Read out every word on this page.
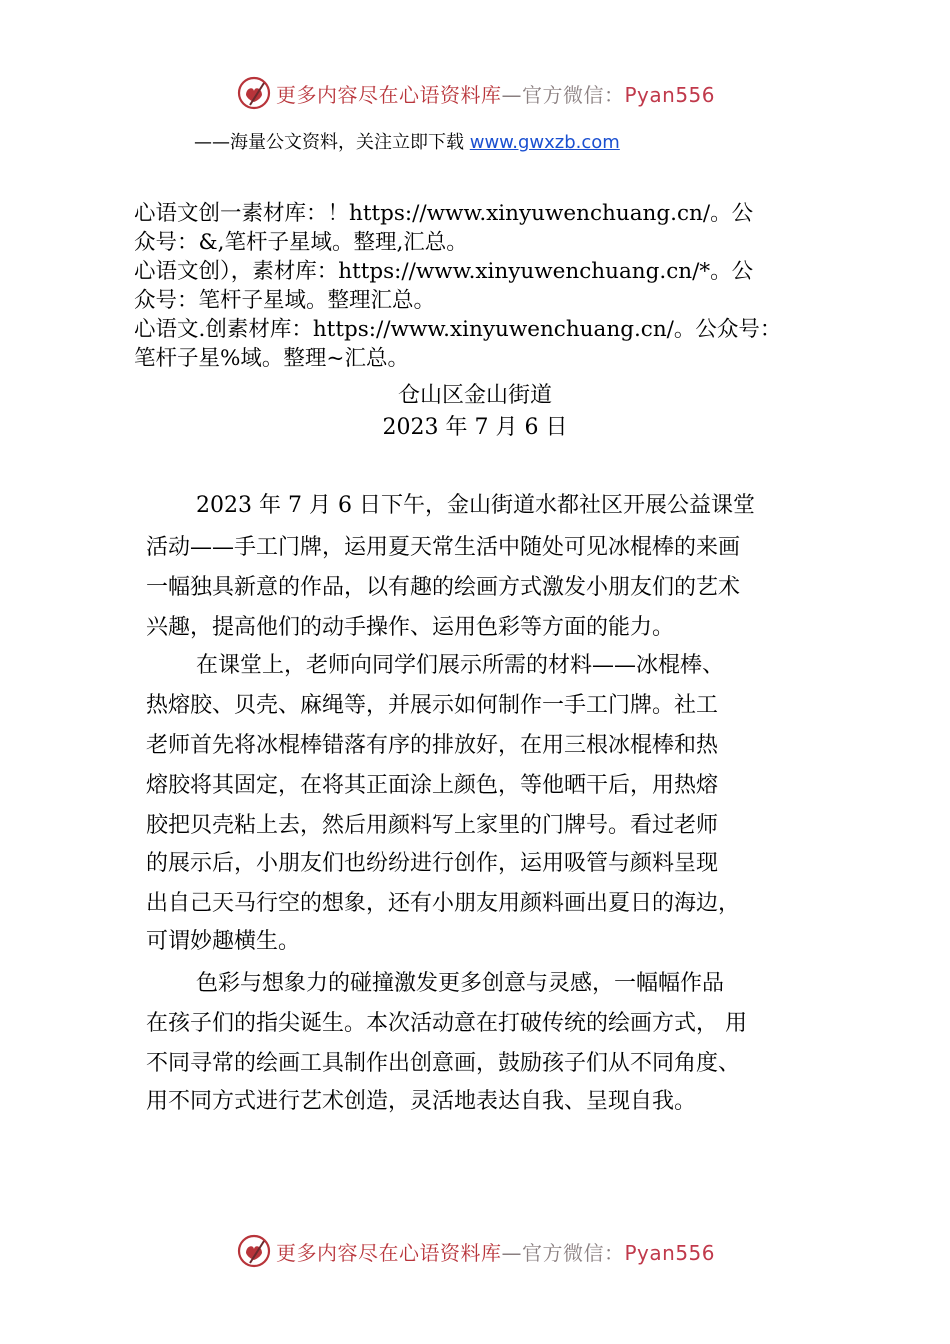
更多内容尽在心语资料库—官方微信：Pyan556
——海量公文资料，关注立即下载 www.gwxzb.com
心语文创一素材库：！https://www.xinyuwenchuang.cn/。公
众号：&,笔杆子星域。整理,汇总。
心语文创），素材库：https://www.xinyuwenchuang.cn/*。公
众号：笔杆子星域。整理汇总。
心语文.创素材库：https://www.xinyuwenchuang.cn/。公众号：
笔杆子星%域。整理~汇总。
仓山区金山街道
2023 年 7 月 6 日
2023 年 7 月 6 日下午，金山街道水都社区开展公益课堂
活动——手工门牌，运用夏天常生活中随处可见冰棍棒的来画
一幅独具新意的作品，以有趣的绘画方式激发小朋友们的艺术
兴趣，提高他们的动手操作、运用色彩等方面的能力。
在课堂上，老师向同学们展示所需的材料——冰棍棒、
热熔胶、贝壳、麻绳等，并展示如何制作一手工门牌。社工
老师首先将冰棍棒错落有序的排放好，在用三根冰棍棒和热
熔胶将其固定，在将其正面涂上颜色，等他晒干后，用热熔
胶把贝壳粘上去，然后用颜料写上家里的门牌号。看过老师
的展示后，小朋友们也纷纷进行创作，运用吸管与颜料呈现
出自己天马行空的想象，还有小朋友用颜料画出夏日的海边，
可谓妙趣横生。
色彩与想象力的碰撞激发更多创意与灵感，一幅幅作品
在孩子们的指尖诞生。本次活动意在打破传统的绘画方式， 用
不同寻常的绘画工具制作出创意画，鼓励孩子们从不同角度、
用不同方式进行艺术创造，灵活地表达自我、呈现自我。
更多内容尽在心语资料库—官方微信：Pyan556
